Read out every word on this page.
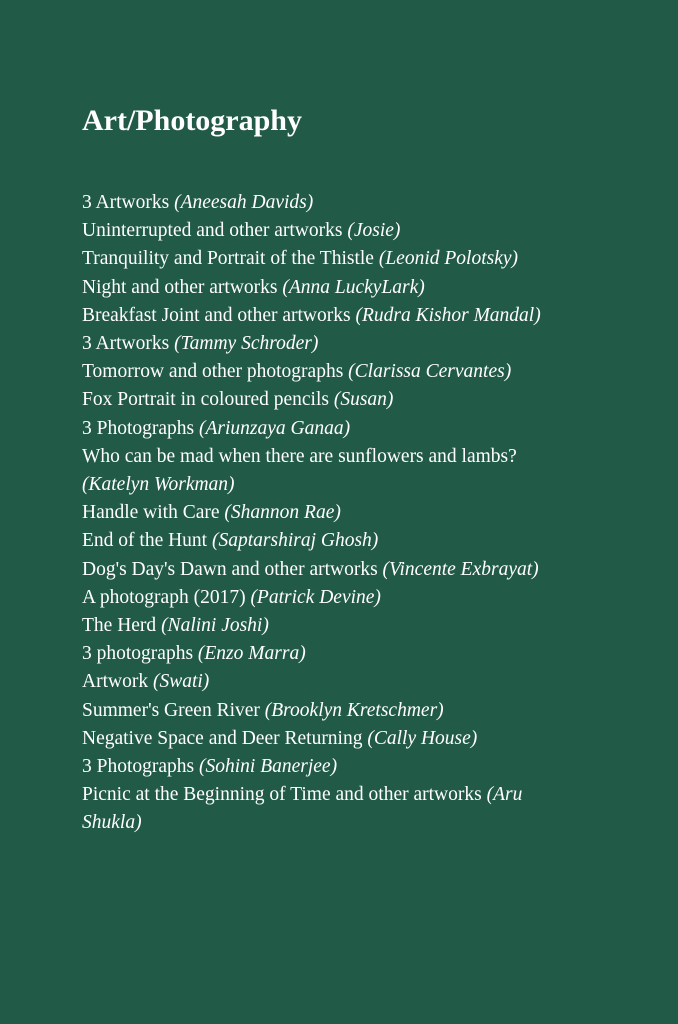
Art/Photography
3 Artworks (Aneesah Davids)
Uninterrupted and other artworks (Josie)
Tranquility and Portrait of the Thistle (Leonid Polotsky)
Night and other artworks (Anna LuckyLark)
Breakfast Joint and other artworks (Rudra Kishor Mandal)
3 Artworks (Tammy Schroder)
Tomorrow and other photographs (Clarissa Cervantes)
Fox Portrait in coloured pencils (Susan)
3 Photographs (Ariunzaya Ganaa)
Who can be mad when there are sunflowers and lambs? (Katelyn Workman)
Handle with Care (Shannon Rae)
End of the Hunt (Saptarshiraj Ghosh)
Dog's Day's Dawn and other artworks (Vincente Exbrayat)
A photograph (2017) (Patrick Devine)
The Herd (Nalini Joshi)
3 photographs (Enzo Marra)
Artwork (Swati)
Summer's Green River (Brooklyn Kretschmer)
Negative Space and Deer Returning (Cally House)
3 Photographs (Sohini Banerjee)
Picnic at the Beginning of Time and other artworks (Aru Shukla)
